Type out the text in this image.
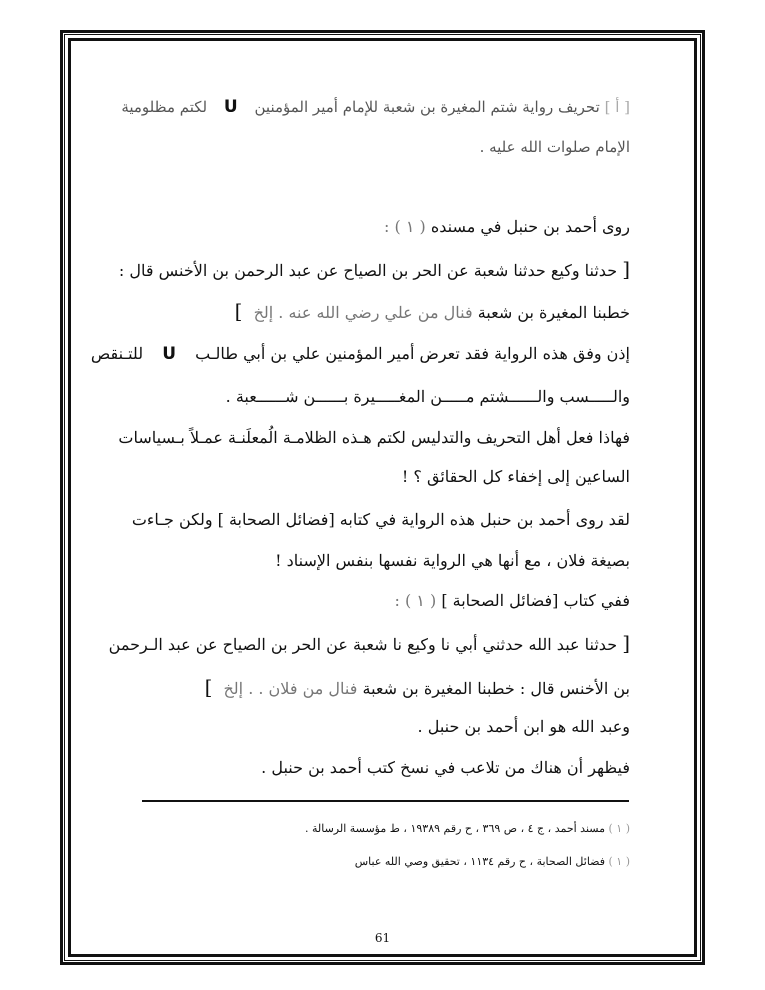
[ أ ] تحريف رواية شتم المغيرة بن شعبة للإمام أمير المؤمنين U لكتم مظلومية
الإمام صلوات الله عليه .
روى أحمد بن حنبل في مسنده ( ١ ) :
[ حدثنا وكيع حدثنا شعبة عن الحر بن الصياح عن عبد الرحمن بن الأخنس قال :
خطبنا المغيرة بن شعبة فنال من علي رضي الله عنه . إلخ ]
إذن وفق هذه الرواية فقد تعرض أمير المؤمنين علي بن أبي طالـب U للتـنقص
والـــــسب والــــــشتم مـــــن المغـــــيرة بــــــن شــــــعبة .
فهاذا فعل أهل التحريف والتدليس لكتم هـذه الظلامـة الُمعلَنـة عمـلاً بـسياسات
الساعين إلى إخفاء كل الحقائق ؟ !
لقد روى أحمد بن حنبل هذه الرواية في كتابه [فضائل الصحابة ] ولكن جـاءت
بصيغة فلان ، مع أنها هي الرواية نفسها بنفس الإسناد !
ففي كتاب [فضائل الصحابة ] ( ١ ) :
[ حدثنا عبد الله حدثني أبي نا وكيع نا شعبة عن الحر بن الصياح عن عبد الـرحمن
بن الأخنس قال : خطبنا المغيرة بن شعبة فنال من فلان . . إلخ ]
وعبد الله هو ابن أحمد بن حنبل .
فيظهر أن هناك من تلاعب في نسخ كتب أحمد بن حنبل .
( ١ ) مسند أحمد ، ج ٤ ، ص ٣٦٩ ، ح رقم ١٩٣٨٩ ، ط مؤسسة الرسالة .
( ١ ) فضائل الصحابة ، ح رقم ١١٣٤ ، تحقيق وصي الله عباس
61
